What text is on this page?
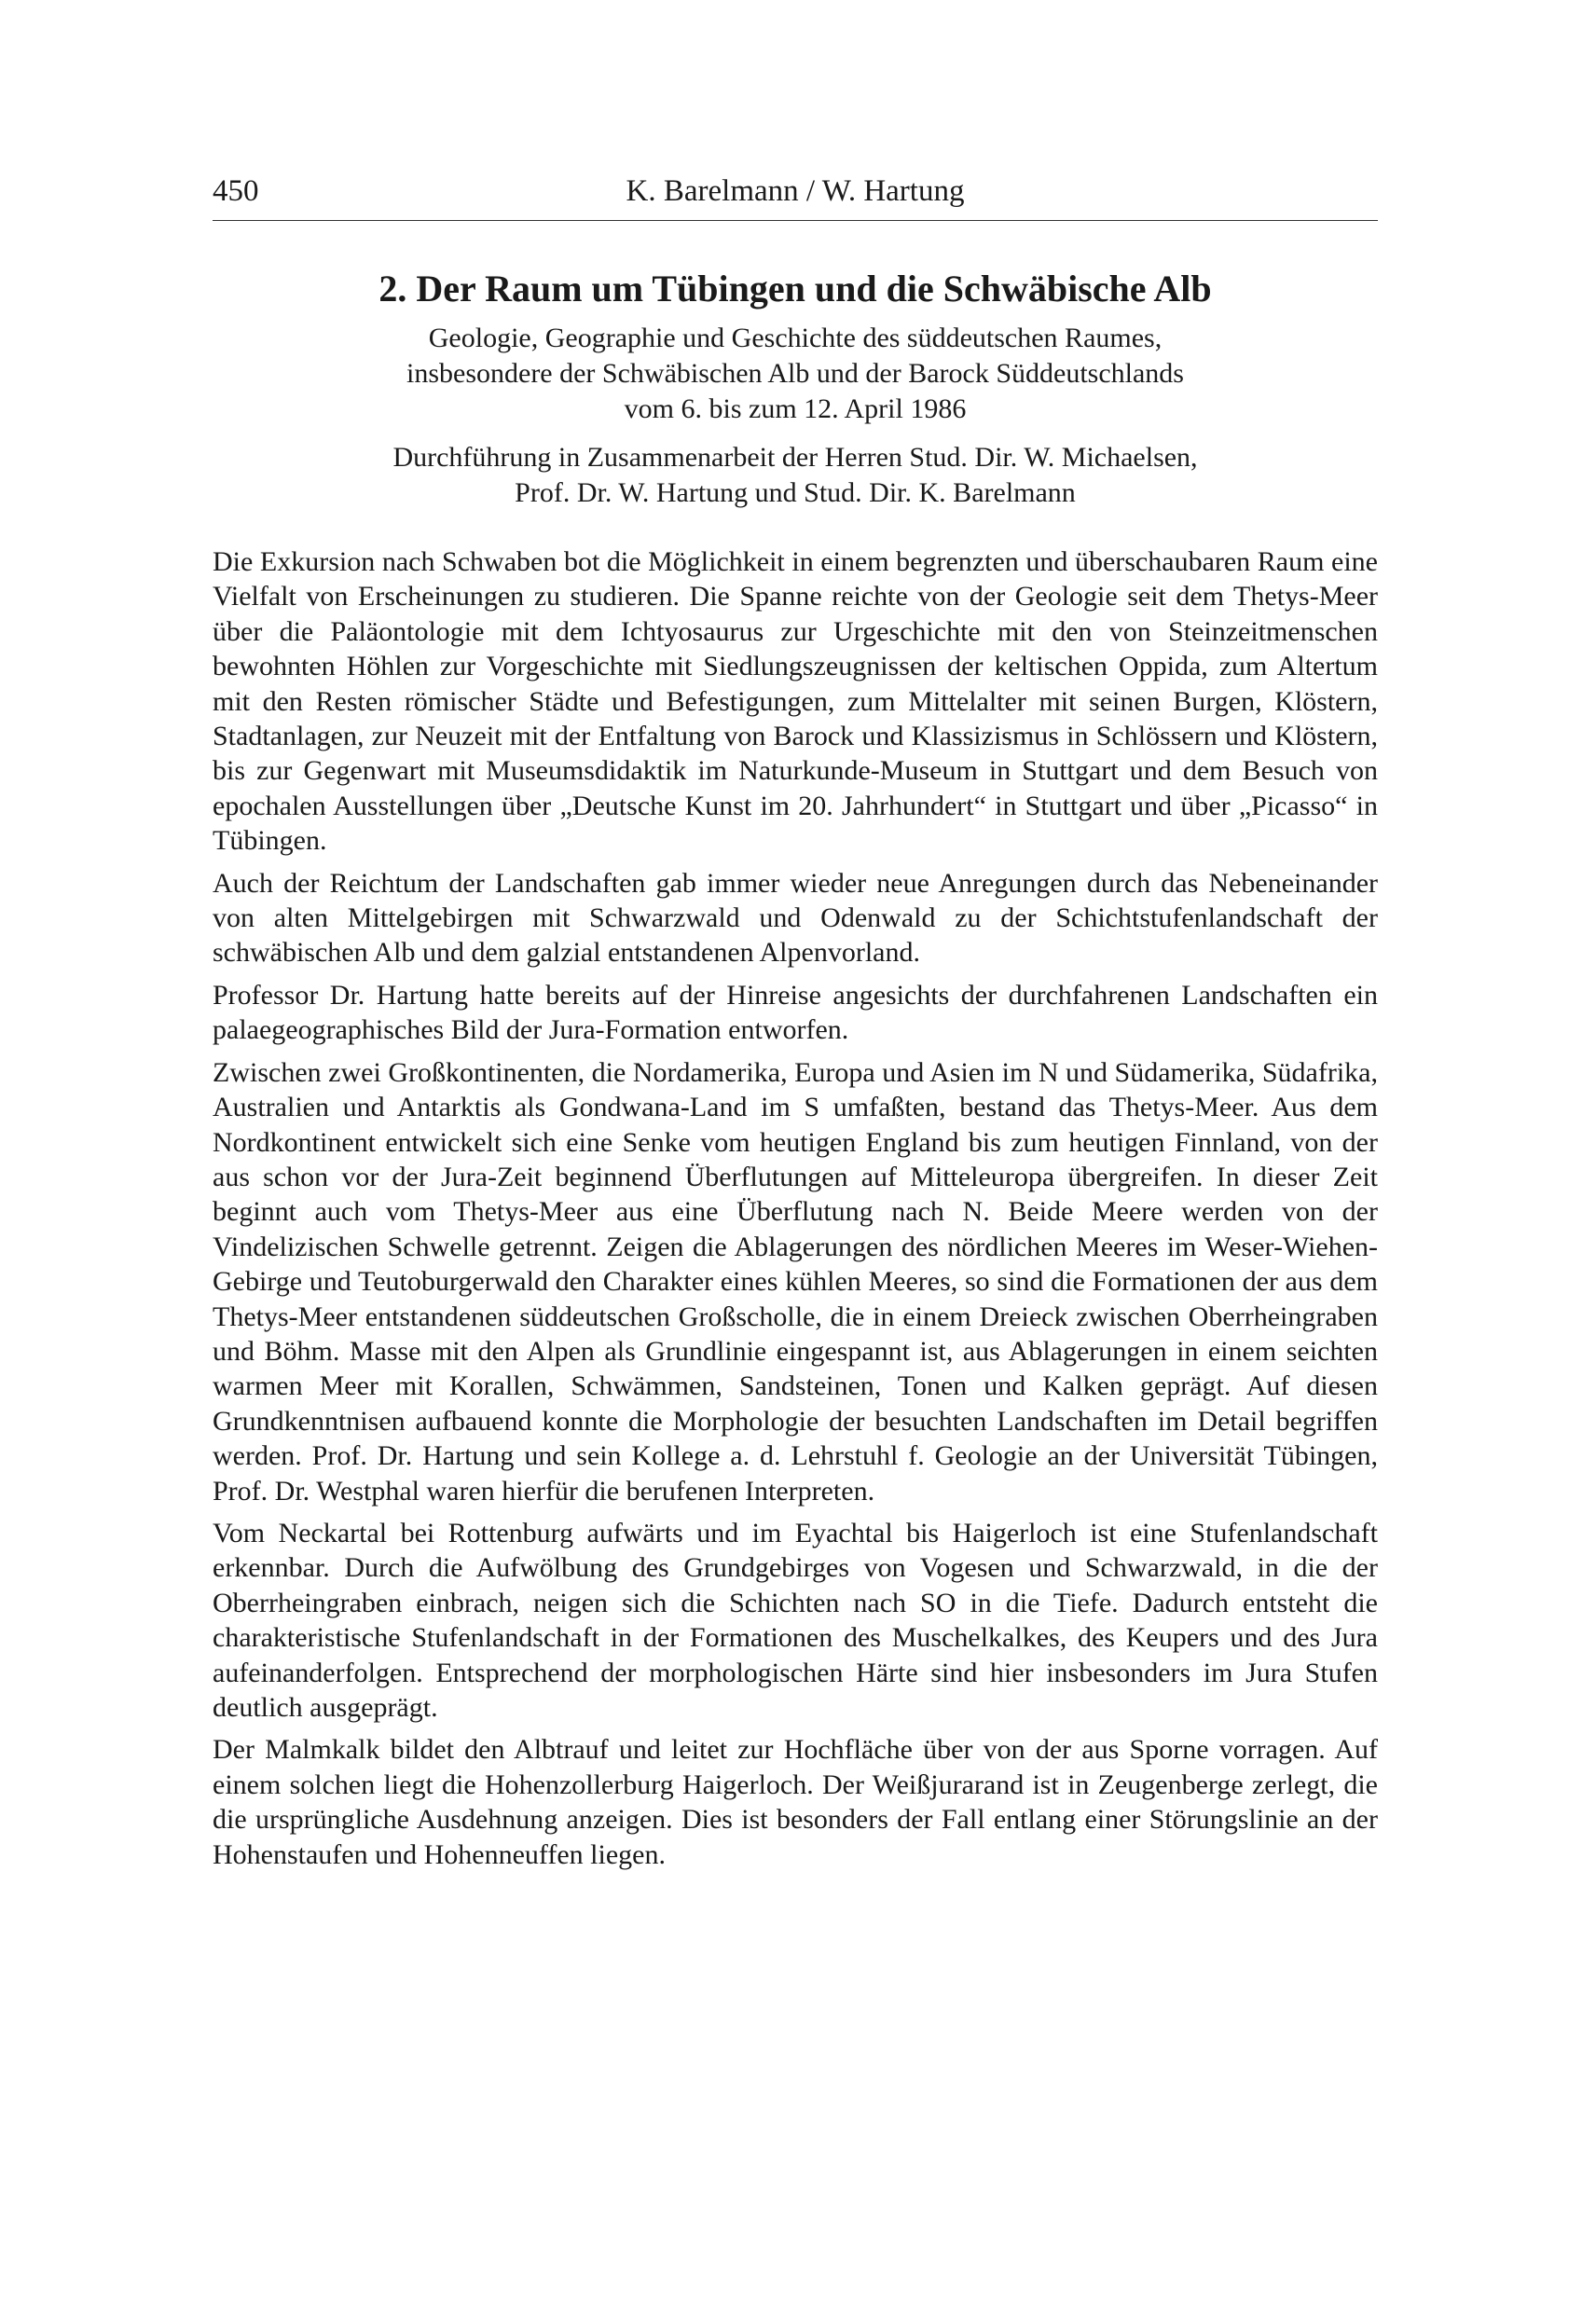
450	K. Barelmann / W. Hartung
2. Der Raum um Tübingen und die Schwäbische Alb
Geologie, Geographie und Geschichte des süddeutschen Raumes,
insbesondere der Schwäbischen Alb und der Barock Süddeutschlands
vom 6. bis zum 12. April 1986
Durchführung in Zusammenarbeit der Herren Stud. Dir. W. Michaelsen,
Prof. Dr. W. Hartung und Stud. Dir. K. Barelmann

Die Exkursion nach Schwaben bot die Möglichkeit in einem begrenzten und überschaubaren Raum eine Vielfalt von Erscheinungen zu studieren. Die Spanne reichte von der Geologie seit dem Thetys-Meer über die Paläontologie mit dem Ichtyosaurus zur Urgeschichte mit den von Steinzeitmenschen bewohnten Höhlen zur Vorgeschichte mit Siedlungszeugnissen der keltischen Oppida, zum Altertum mit den Resten römischer Städte und Befestigungen, zum Mittelalter mit seinen Burgen, Klöstern, Stadtanlagen, zur Neuzeit mit der Entfaltung von Barock und Klassizismus in Schlössern und Klöstern, bis zur Gegenwart mit Museumsdidaktik im Naturkunde-Museum in Stuttgart und dem Besuch von epochalen Ausstellungen über „Deutsche Kunst im 20. Jahrhundert“ in Stuttgart und über „Picasso“ in Tübingen.

Auch der Reichtum der Landschaften gab immer wieder neue Anregungen durch das Nebeneinander von alten Mittelgebirgen mit Schwarzwald und Odenwald zu der Schichtstufenlandschaft der schwäbischen Alb und dem galzial entstandenen Alpenvorland.

Professor Dr. Hartung hatte bereits auf der Hinreise angesichts der durchfahrenen Landschaften ein palaegeographisches Bild der Jura-Formation entworfen.

Zwischen zwei Großkontinenten, die Nordamerika, Europa und Asien im N und Südamerika, Südafrika, Australien und Antarktis als Gondwana-Land im S umfaßten, bestand das Thetys-Meer. Aus dem Nordkontinent entwickelt sich eine Senke vom heutigen England bis zum heutigen Finnland, von der aus schon vor der Jura-Zeit beginnend Überflutungen auf Mitteleuropa übergreifen. In dieser Zeit beginnt auch vom Thetys-Meer aus eine Überflutung nach N. Beide Meere werden von der Vindelizischen Schwelle getrennt. Zeigen die Ablagerungen des nördlichen Meeres im Weser-Wiehen-Gebirge und Teutoburgerwald den Charakter eines kühlen Meeres, so sind die Formationen der aus dem Thetys-Meer entstandenen süddeutschen Großscholle, die in einem Dreieck zwischen Oberrheingraben und Böhm. Masse mit den Alpen als Grundlinie eingespannt ist, aus Ablagerungen in einem seichten warmen Meer mit Korallen, Schwämmen, Sandsteinen, Tonen und Kalken geprägt. Auf diesen Grundkenntnisen aufbauend konnte die Morphologie der besuchten Landschaften im Detail begriffen werden. Prof. Dr. Hartung und sein Kollege a. d. Lehrstuhl f. Geologie an der Universität Tübingen, Prof. Dr. Westphal waren hierfür die berufenen Interpreten.

Vom Neckartal bei Rottenburg aufwärts und im Eyachtal bis Haigerloch ist eine Stufenlandschaft erkennbar. Durch die Aufwölbung des Grundgebirges von Vogesen und Schwarzwald, in die der Oberrheingraben einbrach, neigen sich die Schichten nach SO in die Tiefe. Dadurch entsteht die charakteristische Stufenlandschaft in der Formationen des Muschelkalkes, des Keupers und des Jura aufeinanderfolgen. Entsprechend der morphologischen Härte sind hier insbesonders im Jura Stufen deutlich ausgeprägt.

Der Malmkalk bildet den Albtrauf und leitet zur Hochfläche über von der aus Sporne vorragen. Auf einem solchen liegt die Hohenzollerburg Haigerloch. Der Weißjurarand ist in Zeugenberge zerlegt, die die ursprüngliche Ausdehnung anzeigen. Dies ist besonders der Fall entlang einer Störungslinie an der Hohenstaufen und Hohenneuffen liegen.
